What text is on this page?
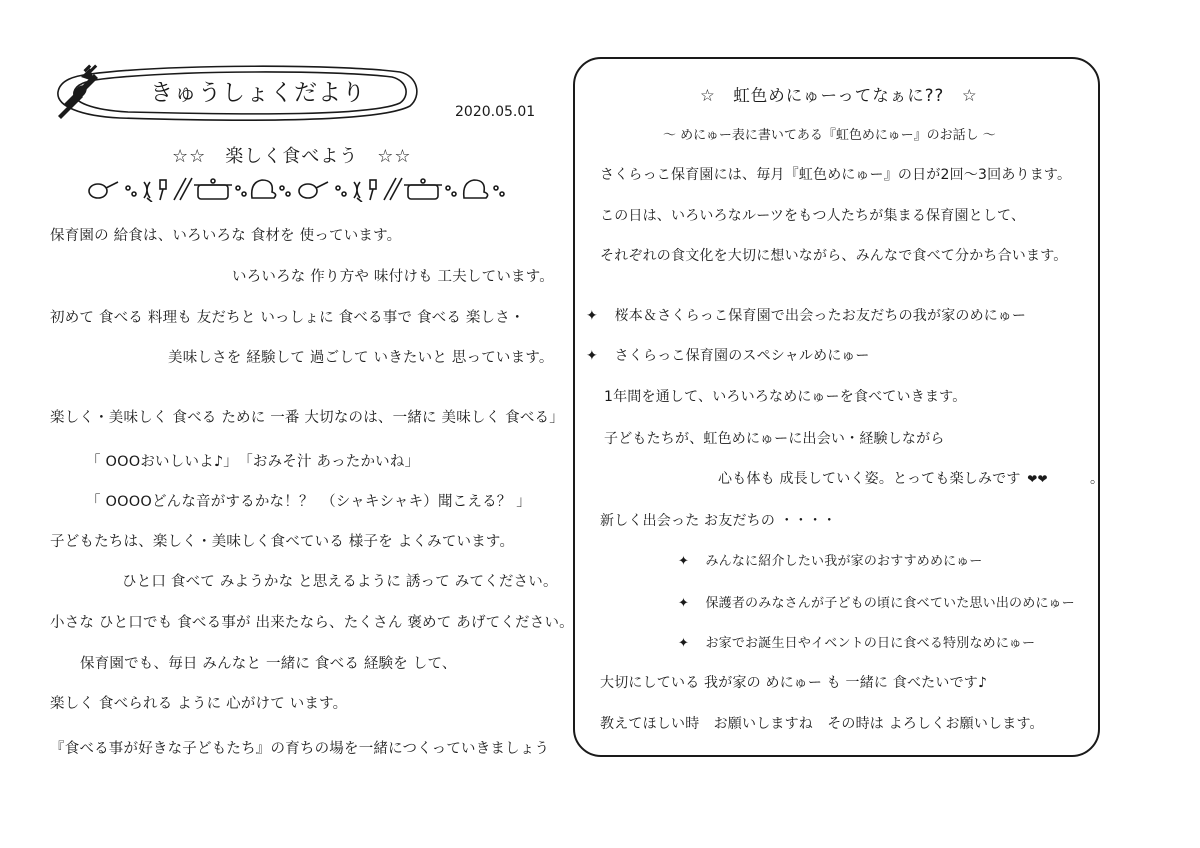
きゅうしょくだより
2020.05.01
☆☆　楽しく食べよう　☆☆
保育園の 給食は、いろいろな 食材を 使っています。
いろいろな 作り方や 味付けも 工夫しています。
初めて 食べる 料理も 友だちと いっしょに 食べる事で 食べる 楽しさ・
美味しさを 経験して 過ごして いきたいと 思っています。
楽しく・美味しく 食べる ために 一番 大切なのは、一緒に 美味しく 食べる」
「 OOOおいしいよ♪」　「おみそ汁 あったかいね」
「 OOOOどんな音がするかな！？　（シャキシャキ）聞こえる？ 」
子どもたちは、楽しく・美味しく食べている 様子を よくみています。
ひと口 食べて みようかな と思えるように 誘って みてください。
小さな ひと口でも 食べる事が 出来たなら、たくさん 褒めて あげてください。
保育園でも、毎日 みんなと 一緒に 食べる 経験を して、
楽しく 食べられる ように 心がけて います。
『食べる事が好きな子どもたち』の育ちの場を一緒につくっていきましょう
☆　虹色めにゅーってなぁに??　☆
～ めにゅー表に書いてある『虹色めにゅー』のお話し ～
さくらっこ保育園には、毎月『虹色めにゅー』の日が2回～3回あります。
この日は、いろいろなルーツをもつ人たちが集まる保育園として、
それぞれの食文化を大切に想いながら、みんなで食べて分かち合います。
✦ 桜本＆さくらっこ保育園で出会ったお友だちの我が家のめにゅー
✦ さくらっこ保育園のスペシャルめにゅー
1年間を通して、いろいろなめにゅーを食べていきます。
子どもたちが、虹色めにゅーに出会い・経験しながら
心も体も 成長していく姿。とっても楽しみです ❤❤	。
新しく出会った お友だちの ・・・・
✦ みんなに紹介したい我が家のおすすめめにゅー
✦ 保護者のみなさんが子どもの頃に食べていた思い出のめにゅー
✦ お家でお誕生日やイベントの日に食べる特別なめにゅー
大切にしている 我が家の めにゅー も 一緒に 食べたいです♪
教えてほしい時　お願いしますね　その時は よろしくお願いします。
